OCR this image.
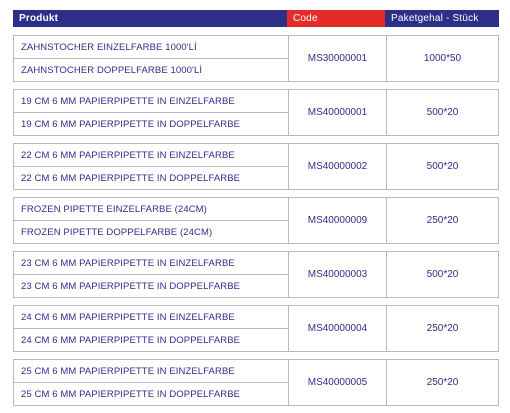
Produkt	Code	Paketgehal - Stück
ZAHNSTOCHER EINZELFARBE 1000'Lİ
ZAHNSTOCHER DOPPELFARBE 1000'Lİ
MS30000001	1000*50
19 CM 6 MM PAPIERPIPETTE IN EINZELFARBE
19 CM 6 MM PAPIERPIPETTE IN DOPPELFARBE
MS40000001	500*20
22 CM 6 MM PAPIERPIPETTE IN EINZELFARBE
22 CM 6 MM PAPIERPIPETTE IN DOPPELFARBE
MS40000002	500*20
FROZEN PIPETTE EINZELFARBE (24CM)
FROZEN PIPETTE DOPPELFARBE (24CM)
MS40000009	250*20
23 CM 6 MM PAPIERPIPETTE IN EINZELFARBE
23 CM 6 MM PAPIERPIPETTE IN DOPPELFARBE
MS40000003	500*20
24 CM 6 MM PAPIERPIPETTE IN EINZELFARBE
24 CM 6 MM PAPIERPIPETTE IN DOPPELFARBE
MS40000004	250*20
25 CM 6 MM PAPIERPIPETTE IN EINZELFARBE
25 CM 6 MM PAPIERPIPETTE IN DOPPELFARBE
MS40000005	250*20
